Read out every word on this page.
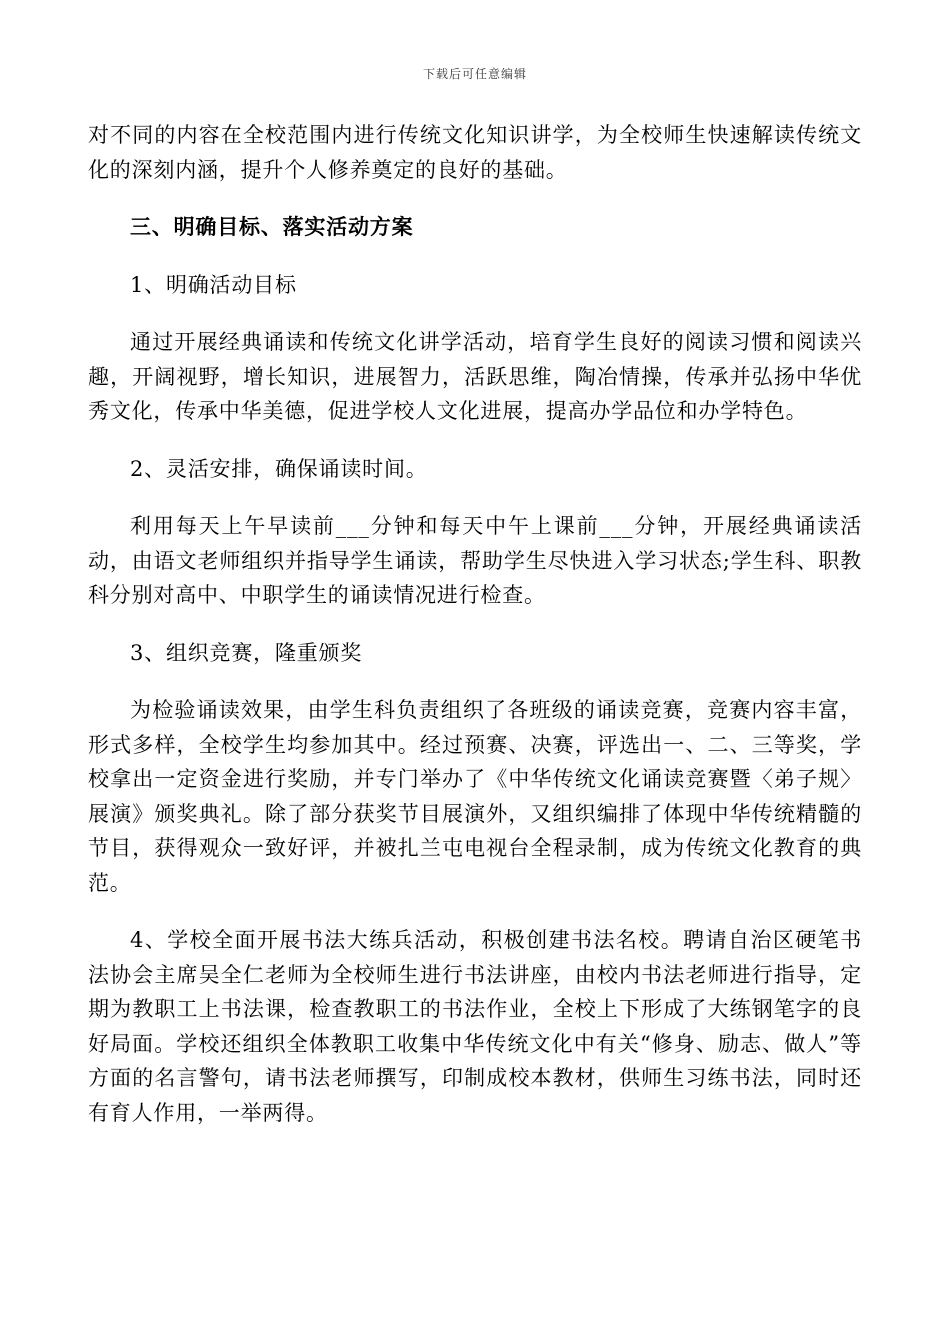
下载后可任意编辑

对不同的内容在全校范围内进行传统文化知识讲学，为全校师生快速解读传统文化的深刻内涵，提升个人修养奠定的良好的基础。

三、明确目标、落实活动方案

1、明确活动目标

通过开展经典诵读和传统文化讲学活动，培育学生良好的阅读习惯和阅读兴趣，开阔视野，增长知识，进展智力，活跃思维，陶冶情操，传承并弘扬中华优秀文化，传承中华美德，促进学校人文化进展，提高办学品位和办学特色。

2、灵活安排，确保诵读时间。

利用每天上午早读前___分钟和每天中午上课前___分钟，开展经典诵读活动，由语文老师组织并指导学生诵读，帮助学生尽快进入学习状态;学生科、职教科分别对高中、中职学生的诵读情况进行检查。

3、组织竞赛，隆重颁奖

为检验诵读效果，由学生科负责组织了各班级的诵读竞赛，竞赛内容丰富，形式多样，全校学生均参加其中。经过预赛、决赛，评选出一、二、三等奖，学校拿出一定资金进行奖励，并专门举办了《中华传统文化诵读竞赛暨〈弟子规〉展演》颁奖典礼。除了部分获奖节目展演外，又组织编排了体现中华传统精髓的节目，获得观众一致好评，并被扎兰屯电视台全程录制，成为传统文化教育的典范。

4、学校全面开展书法大练兵活动，积极创建书法名校。聘请自治区硬笔书法协会主席吴全仁老师为全校师生进行书法讲座，由校内书法老师进行指导，定期为教职工上书法课，检查教职工的书法作业，全校上下形成了大练钢笔字的良好局面。学校还组织全体教职工收集中华传统文化中有关“修身、励志、做人”等方面的名言警句，请书法老师撰写，印制成校本教材，供师生习练书法，同时还有育人作用，一举两得。
